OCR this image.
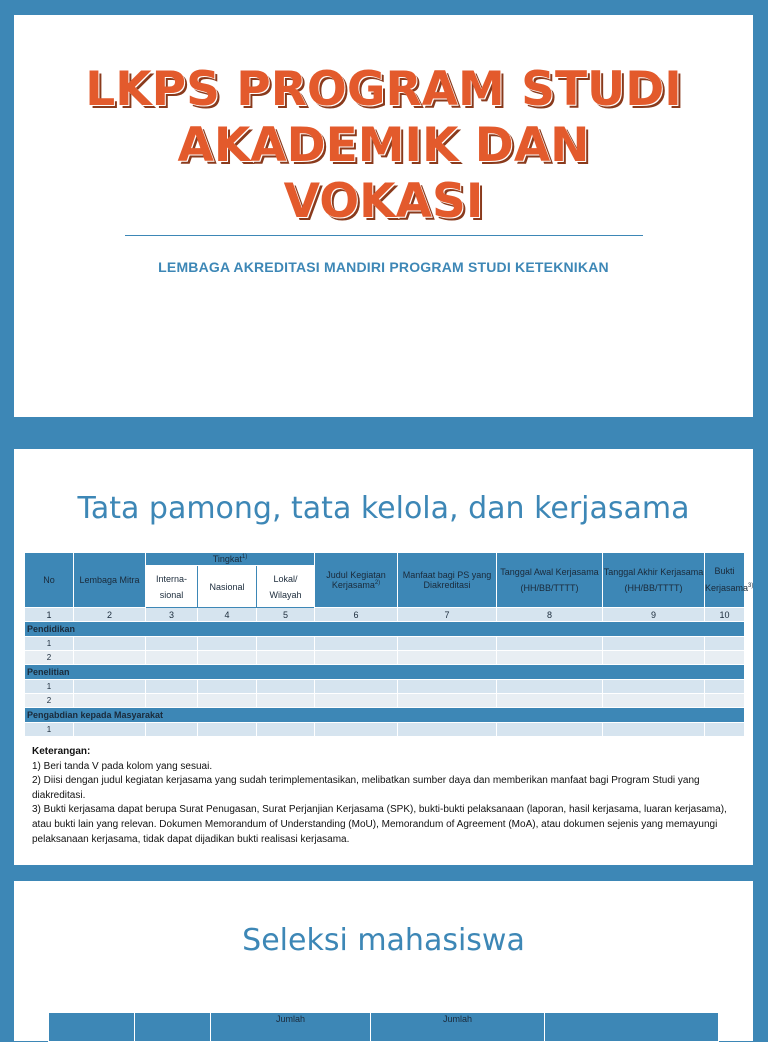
LKPS PROGRAM STUDI
AKADEMIK DAN
VOKASI
LEMBAGA AKREDITASI MANDIRI PROGRAM STUDI KETEKNIKAN
Tata pamong, tata kelola, dan kerjasama
No	Lembaga Mitra	Tingkat$^{1)}$			Judul Kegiatan Kerjasama$^{2)}$	Manfaat bagi PS yang Diakreditasi	Tanggal Awal Kerjasama (HH/BB/TTTT)	Tanggal Akhir Kerjasama (HH/BB/TTTT)	Bukti Kerjasama$^{3)}$
		Interna-sional	Nasional	Lokal/ Wilayah					
1	2	3	4	5	6	7	8	9	10
Pendidikan									
1									
2									
Penelitian									
1									
2									
Pengabdian kepada Masyarakat									
1									
Keterangan:
1) Beri tanda V pada kolom yang sesuai.
2) Diisi dengan judul kegiatan kerjasama yang sudah terimplementasikan, melibatkan sumber daya dan memberikan manfaat bagi Program Studi yang diakreditasi.
3) Bukti kerjasama dapat berupa Surat Penugasan, Surat Perjanjian Kerjasama (SPK), bukti-bukti pelaksanaan (laporan, hasil kerjasama, luaran kerjasama), atau bukti lain yang relevan. Dokumen Memorandum of Understanding (MoU), Memorandum of Agreement (MoA), atau dokumen sejenis yang memayungi pelaksanaan kerjasama, tidak dapat dijadikan bukti realisasi kerjasama.
Seleksi mahasiswa
		Jumlah	Jumlah	
